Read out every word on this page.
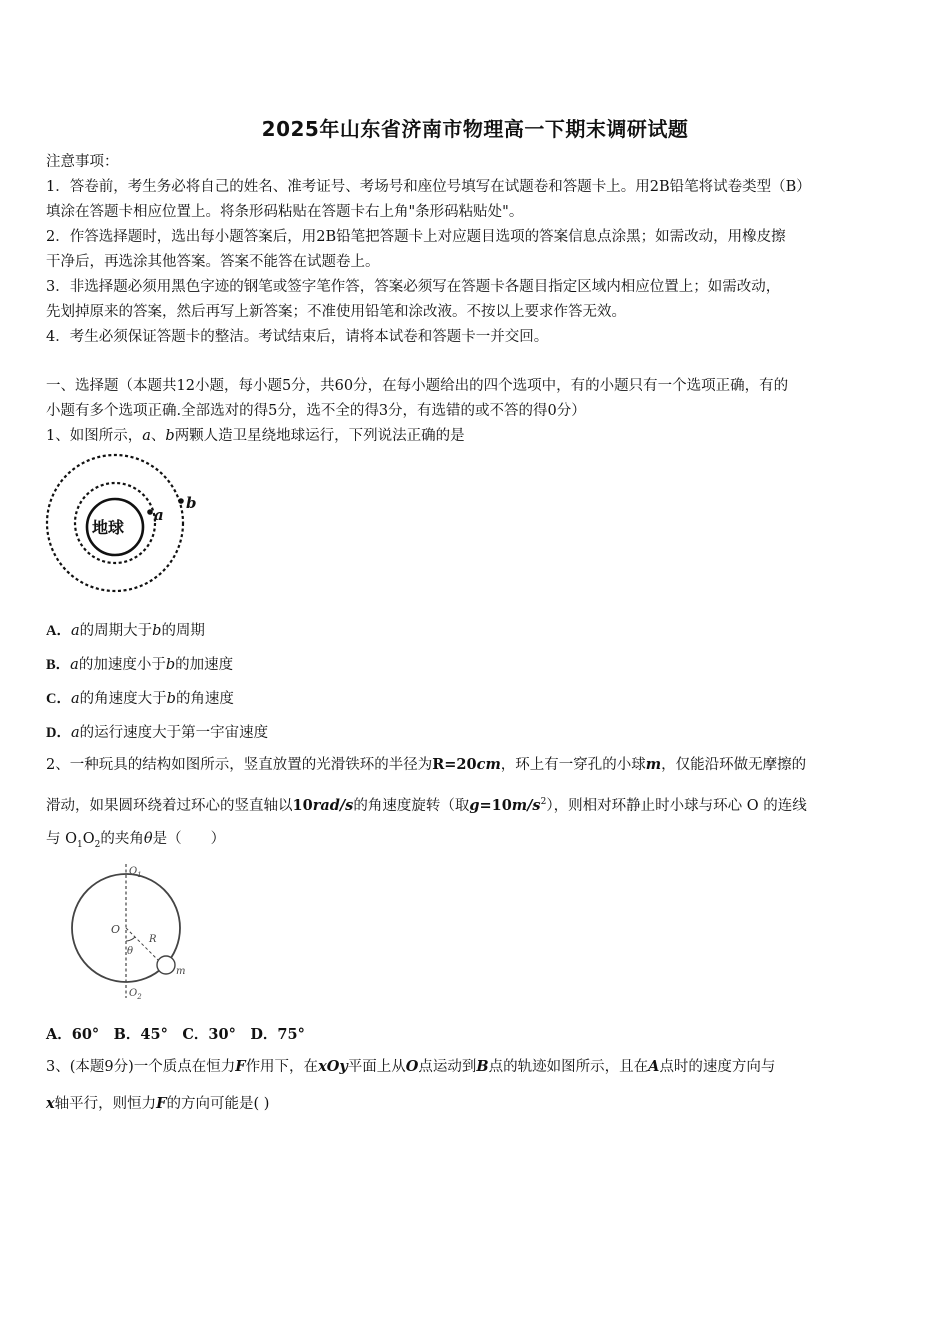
2025年山东省济南市物理高一下期末调研试题
注意事项：
1．答卷前，考生务必将自己的姓名、准考证号、考场号和座位号填写在试题卷和答题卡上。用2B铅笔将试卷类型（B）
填涂在答题卡相应位置上。将条形码粘贴在答题卡右上角"条形码粘贴处"。
2．作答选择题时，选出每小题答案后，用2B铅笔把答题卡上对应题目选项的答案信息点涂黑；如需改动，用橡皮擦
干净后，再选涂其他答案。答案不能答在试题卷上。
3．非选择题必须用黑色字迹的钢笔或签字笔作答，答案必须写在答题卡各题目指定区域内相应位置上；如需改动，
先划掉原来的答案，然后再写上新答案；不准使用铅笔和涂改液。不按以上要求作答无效。
4．考生必须保证答题卡的整洁。考试结束后，请将本试卷和答题卡一并交回。
一、选择题（本题共12小题，每小题5分，共60分，在每小题给出的四个选项中，有的小题只有一个选项正确，有的
小题有多个选项正确.全部选对的得5分，选不全的得3分，有选错的或不答的得0分）
1、如图所示，a、b两颗人造卫星绕地球运行，下列说法正确的是
地球
a
b
A．a的周期大于b的周期
B．a的加速度小于b的加速度
C．a的角速度大于b的角速度
D．a的运行速度大于第一宇宙速度
2、一种玩具的结构如图所示，竖直放置的光滑铁环的半径为R=20cm，环上有一穿孔的小球m，仅能沿环做无摩擦的
滑动，如果圆环绕着过环心的竖直轴以10rad/s的角速度旋转（取$g=10m/s^2$），则相对环静止时小球与环心 O 的连线
与 $O_1O_2$的夹角θ是（　　）
$O_1$
O
R
θ
m
$O_2$
A．60°　B．45°　C．30°　D．75°
3、(本题9分)一个质点在恒力F作用下，在xOy平面上从O点运动到B点的轨迹如图所示，且在A点时的速度方向与
x轴平行，则恒力F的方向可能是( )
